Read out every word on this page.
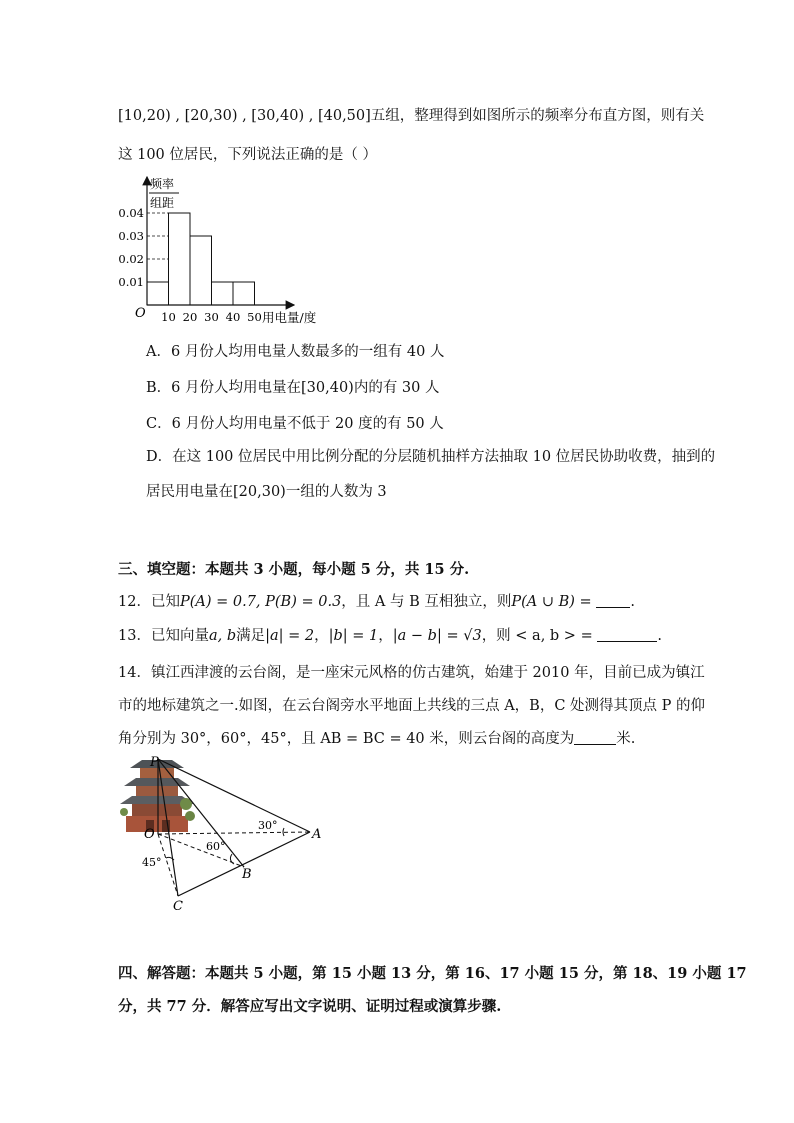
[10,20) , [20,30) , [30,40) , [40,50]五组，整理得到如图所示的频率分布直方图，则有关
这 100 位居民，下列说法正确的是（ ）
0.04
0.03
0.02
0.01
10 20 30 40 50
频率
组距
O	用电量/度
A．6 月份人均用电量人数最多的一组有 40 人
B．6 月份人均用电量在[30,40)内的有 30 人
C．6 月份人均用电量不低于 20 度的有 50 人
D．在这 100 位居民中用比例分配的分层随机抽样方法抽取 10 位居民协助收费，抽到的
居民用电量在[20,30)一组的人数为 3
三、填空题：本题共 3 小题，每小题 5 分，共 15 分.
12．已知P(A) = 0.7, P(B) = 0.3，且 A 与 B 互相独立，则P(A ∪ B) =	.
13．已知向量a, b满足|a| = 2，|b| = 1，|a − b| = √3，则 < a, b > =	.
14．镇江西津渡的云台阁，是一座宋元风格的仿古建筑，始建于 2010 年，目前已成为镇江
市的地标建筑之一.如图，在云台阁旁水平地面上共线的三点 A，B，C 处测得其顶点 P 的仰
角分别为 30°，60°，45°，且 AB = BC = 40 米，则云台阁的高度为	米.
P
O	A
B
C
30°
60°
45°
四、解答题：本题共 5 小题，第 15 小题 13 分，第 16、17 小题 15 分，第 18、19 小题 17
分，共 77 分．解答应写出文字说明、证明过程或演算步骤.
